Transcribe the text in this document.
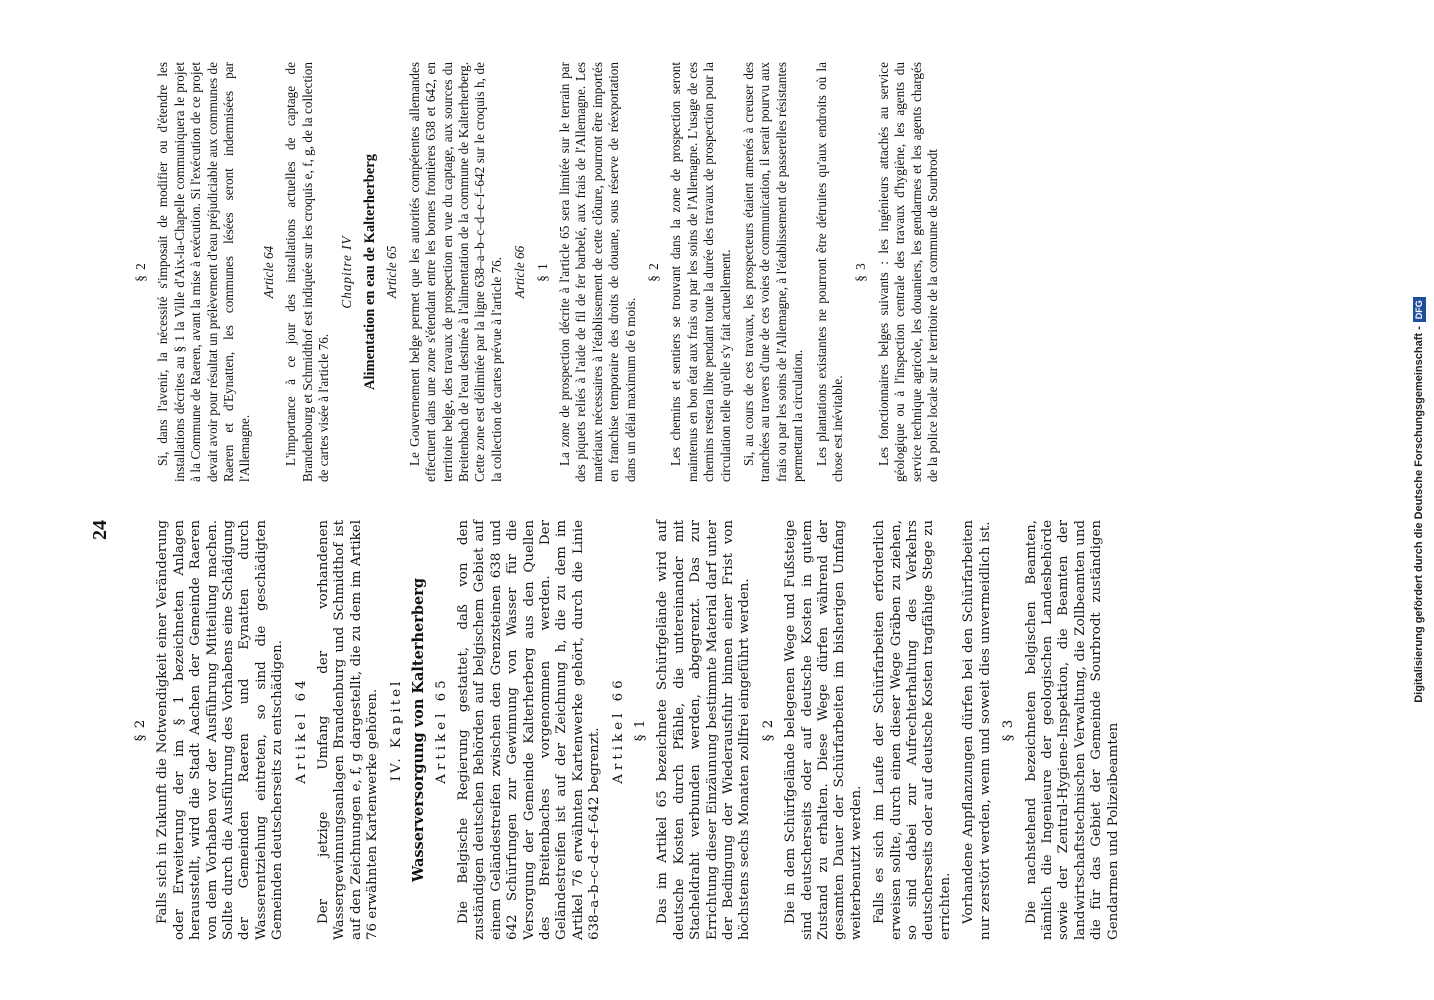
24

§ 2 Falls sich in Zukunft die Notwendigkeit einer Veränderung oder Erweiterung der im § 1 bezeichneten Anlagen herausstellt, wird die Stadt Aachen der Gemeinde Raeren von dem Vorhaben vor der Ausführung Mitteilung machen. Sollte durch die Ausführung des Vorhabens eine Schädigung der Gemeinden Raeren und Eynatten durch Wasserentziehung eintreten, so sind die geschädigten Gemeinden deutscherseits zu entschädigen. Artikel 64 Der jetzige Umfang der vorhandenen Wassergewinnungsanlagen Brandenburg und Schmidthof ist auf den Zeichnungen e, f, g dargestellt, die zu dem im Artikel 76 erwähnten Kartenwerke gehören. IV. Kapitel Wasserversorgung von Kalterherberg Artikel 65 Die Belgische Regierung gestattet, daß von den zuständigen deutschen Behörden auf belgischem Gebiet auf einem Geländestreifen zwischen den Grenzsteinen 638 und 642 Schürfungen zur Gewinnung von Wasser für die Versorgung der Gemeinde Kalterherberg aus den Quellen des Breitenbaches vorgenommen werden. Der Geländestreifen ist auf der Zeichnung h, die zu dem im Artikel 76 erwähnten Kartenwerke gehört, durch die Linie 638–a–b–c–d–e–f–642 begrenzt. Artikel 66 § 1 Das im Artikel 65 bezeichnete Schürfgelände wird auf deutsche Kosten durch Pfähle, die untereinander mit Stacheldraht verbunden werden, abgegrenzt. Das zur Errichtung dieser Einzäunung bestimmte Material darf unter der Bedingung der Wiederausfuhr binnen einer Frist von höchstens sechs Monaten zollfrei eingeführt werden. § 2 Die in dem Schürfgelände belegenen Wege und Fußsteige sind deutscherseits oder auf deutsche Kosten in gutem Zustand zu erhalten. Diese Wege dürfen während der gesamten Dauer der Schürfarbeiten im bisherigen Umfang weiterbenutzt werden. Falls es sich im Laufe der Schürfarbeiten erforderlich erweisen sollte, durch einen dieser Wege Gräben zu ziehen, so sind dabei zur Aufrechterhaltung des Verkehrs deutscherseits oder auf deutsche Kosten tragfähige Stege zu errichten. Vorhandene Anpflanzungen dürfen bei den Schürfarbeiten nur zerstört werden, wenn und soweit dies unvermeidlich ist. § 3 Die nachstehend bezeichneten belgischen Beamten, nämlich die Ingenieure der geologischen Landesbehörde sowie der Zentral-Hygiene-Inspektion, die Beamten der landwirtschaftstechnischen Verwaltung, die Zollbeamten und die für das Gebiet der Gemeinde Sourbrodt zuständigen Gendarmen und Polizeibeamten

§ 2 Si, dans l'avenir, la nécessité s'imposait de modifier ou d'étendre les installations décrites au § 1 la Ville d'Aix-la-Chapelle communiquera le projet à la Commune de Raeren, avant la mise à exécution. Si l'exécution de ce projet devait avoir pour résultat un prélèvement d'eau préjudiciable aux communes de Raeren et d'Eynatten, les communes lésées seront indemnisées par l'Allemagne.

Article 64 L'importance à ce jour des installations actuelles de captage de Brandenbourg et Schmidthof est indiquée sur les croquis e, f, g, de la collection de cartes visée à l'article 76.

Chapitre IV Alimentation en eau de Kalterherberg Article 65 Le Gouvernement belge permet que les autorités compétentes allemandes effectuent dans une zone s'étendant entre les bornes frontières 638 et 642, en territoire belge, des travaux de prospection en vue du captage, aux sources du Breitenbach de l'eau destinée à l'alimentation de la commune de Kalterherberg. Cette zone est délimitée par la ligne 638–a–b–c–d–e–f–642 sur le croquis h, de la collection de cartes prévue à l'article 76. Article 66 § 1 La zone de prospection décrite à l'article 65 sera limitée sur le terrain par des piquets reliés à l'aide de fil de fer barbelé, aux frais de l'Allemagne. Les matériaux nécessaires à l'établissement de cette clôture, pourront être importés en franchise temporaire des droits de douane, sous réserve de réexportation dans un délai maximum de 6 mois.

§ 2 Les chemins et sentiers se trouvant dans la zone de prospection seront maintenus en bon état aux frais ou par les soins de l'Allemagne. L'usage de ces chemins restera libre pendant toute la durée des travaux de prospection pour la circulation telle qu'elle s'y fait actuellement. Si, au cours de ces travaux, les prospecteurs étaient amenés à creuser des tranchées au travers d'une de ces voies de communication, il serait pourvu aux frais ou par les soins de l'Allemagne, à l'établissement de passerelles résistantes permettant la circulation. Les plantations existantes ne pourront être détruites qu'aux endroits où la chose est inévitable.

§ 3 Les fonctionnaires belges suivants : les ingénieurs attachés au service géologique ou à l'inspection centrale des travaux d'hygiène, les agents du service technique agricole, les douaniers, les gendarmes et les agents chargés de la police locale sur le territoire de la commune de Sourbrodt

Digitalisierung gefördert durch die Deutsche Forschungsgemeinschaft -DFG
